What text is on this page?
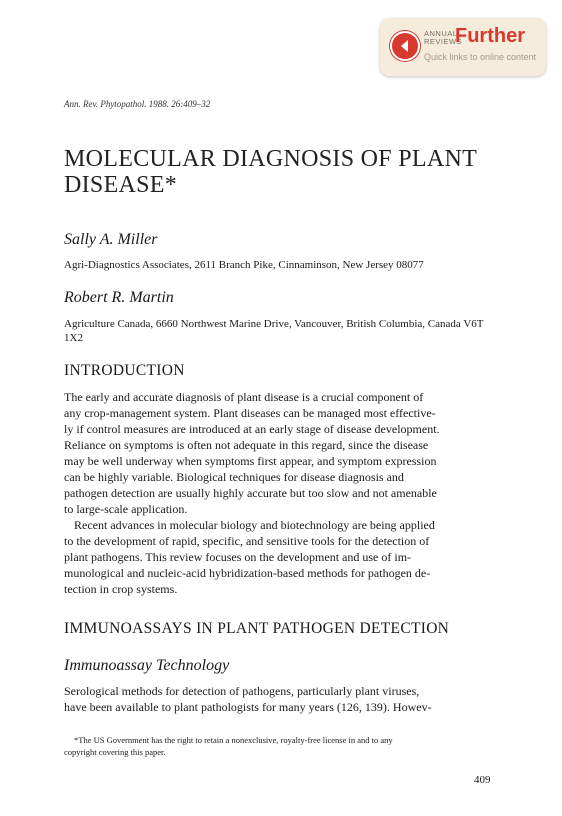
ANNUAL
REVIEWS
Further
Quick links to online content
Ann. Rev. Phytopathol. 1988. 26:409–32
MOLECULAR DIAGNOSIS OF PLANT DISEASE*
Sally A. Miller
Agri-Diagnostics Associates, 2611 Branch Pike, Cinnaminson, New Jersey 08077
Robert R. Martin
Agriculture Canada, 6660 Northwest Marine Drive, Vancouver, British Columbia, Canada V6T 1X2
INTRODUCTION
The early and accurate diagnosis of plant disease is a crucial component of
any crop-management system. Plant diseases can be managed most effective-
ly if control measures are introduced at an early stage of disease development.
Reliance on symptoms is often not adequate in this regard, since the disease
may be well underway when symptoms first appear, and symptom expression
can be highly variable. Biological techniques for disease diagnosis and
pathogen detection are usually highly accurate but too slow and not amenable
to large-scale application.
Recent advances in molecular biology and biotechnology are being applied
to the development of rapid, specific, and sensitive tools for the detection of
plant pathogens. This review focuses on the development and use of im-
munological and nucleic-acid hybridization-based methods for pathogen de-
tection in crop systems.
IMMUNOASSAYS IN PLANT PATHOGEN DETECTION
Immunoassay Technology
Serological methods for detection of pathogens, particularly plant viruses,
have been available to plant pathologists for many years (126, 139). Howev-
*The US Government has the right to retain a nonexclusive, royalty-free license in and to any
copyright covering this paper.
409
